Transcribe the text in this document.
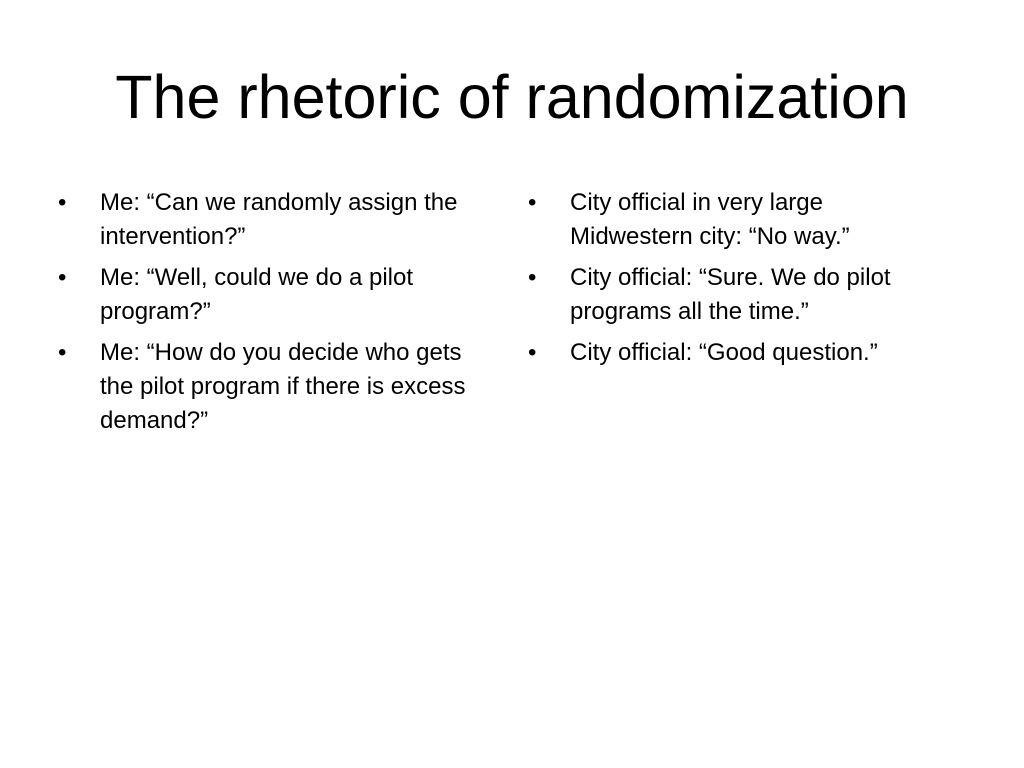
The rhetoric of randomization
•	Me: “Can we randomly assign the intervention?”
•	Me: “Well, could we do a pilot program?”
•	Me: “How do you decide who gets the pilot program if there is excess demand?”
•	City official in very large Midwestern city: “No way.”
•	City official: “Sure. We do pilot programs all the time.”
•	City official: “Good question.”
